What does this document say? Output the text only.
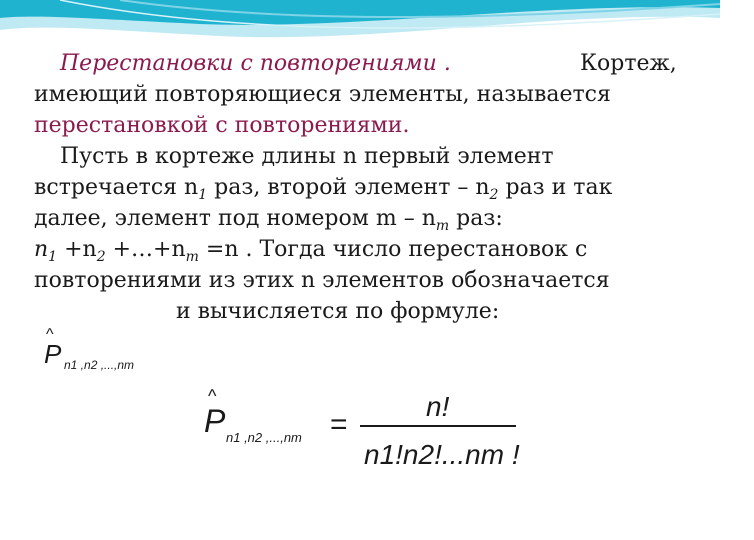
Перестановки с повторениями .	Кортеж,
имеющий повторяющиеся элементы, называется
перестановкой с повторениями.
Пусть в кортеже длины n первый элемент
встречается $n_1$ раз, второй элемент – $n_2$ раз и так
далее, элемент под номером m – $n_m$ раз:
$n_1 +n_2$ $+\dots+n_m =n$ . Тогда число перестановок с
повторениями из этих n элементов обозначается
и вычисляется по формуле:
^
P n1 ,n2 ,...,nm
^
P n1 ,n2 ,...,nm =
n!
n1!n2!...nm !
